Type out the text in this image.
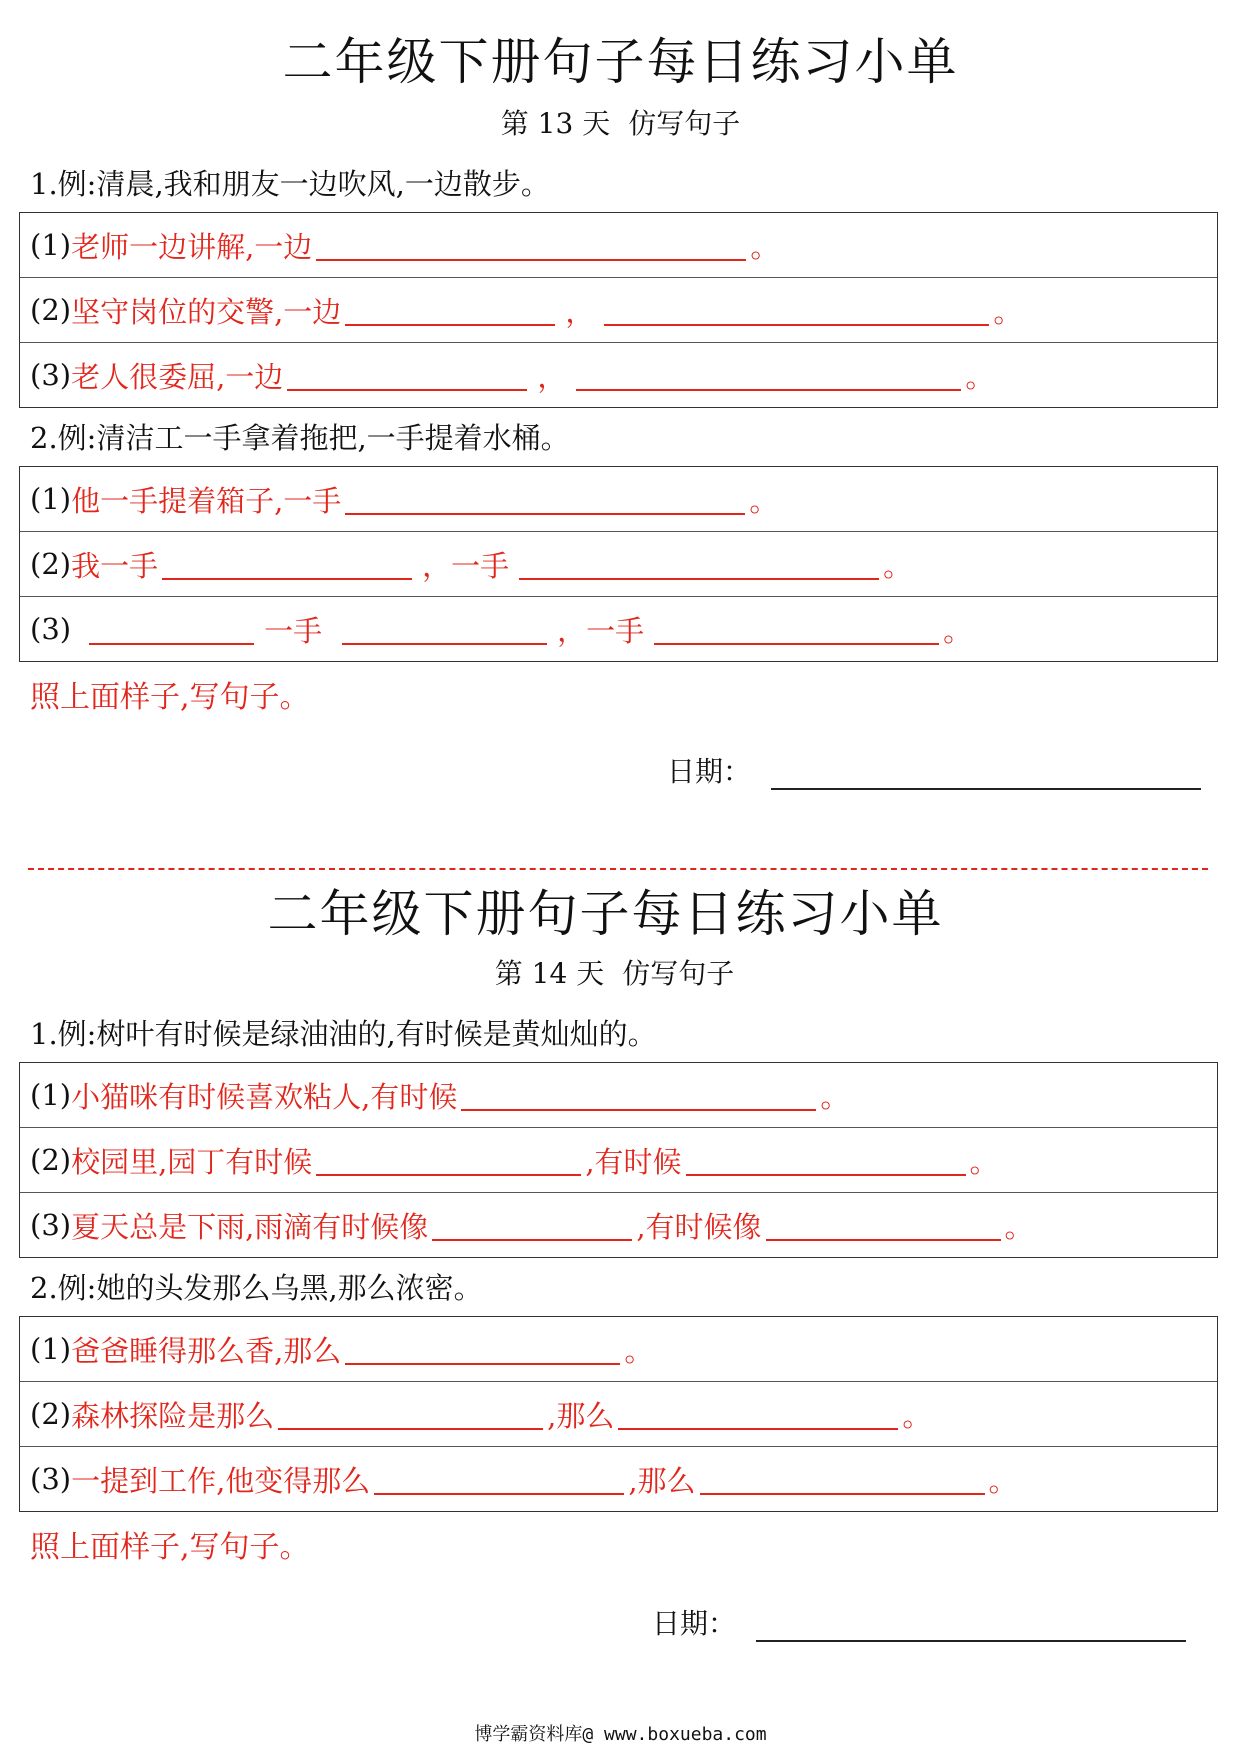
二年级下册句子每日练习小单
第 13 天 仿写句子
1.例:清晨,我和朋友一边吹风,一边散步。
(1) 老师一边讲解,一边	。
(2) 坚守岗位的交警,一边	，	。
(3) 老人很委屈,一边	，	。
2.例:清洁工一手拿着拖把,一手提着水桶。
(1) 他一手提着箱子,一手	。
(2) 我一手	，一手	。
(3)	一手	，一手	。
照上面样子,写句子。
日期：
二年级下册句子每日练习小单
第 14 天 仿写句子
1.例:树叶有时候是绿油油的,有时候是黄灿灿的。
(1) 小猫咪有时候喜欢粘人,有时候	。
(2) 校园里,园丁有时候	,有时候	。
(3) 夏天总是下雨,雨滴有时候像	,有时候像	。
2.例:她的头发那么乌黑,那么浓密。
(1) 爸爸睡得那么香,那么	。
(2) 森林探险是那么	,那么	。
(3) 一提到工作,他变得那么	,那么	。
照上面样子,写句子。
日期：
博学霸资料库@ www.boxueba.com
